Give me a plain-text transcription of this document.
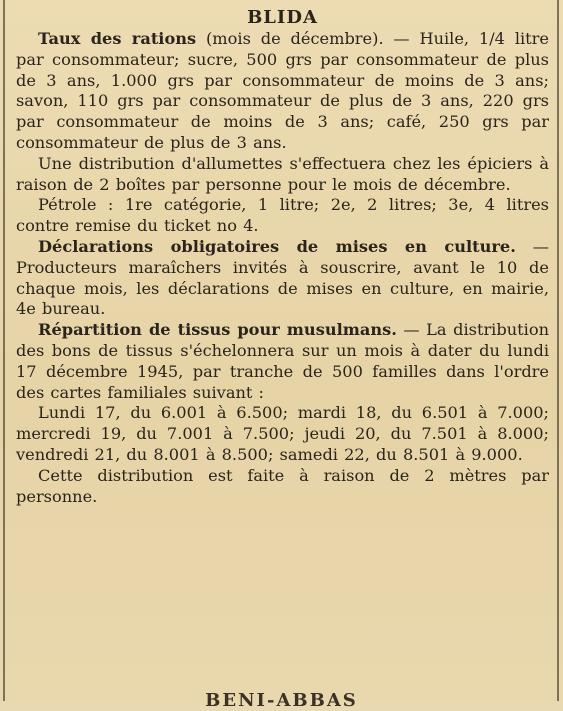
BLIDA

Taux des rations (mois de décembre). — Huile, 1/4 litre par consommateur; sucre, 500 grs par consommateur de plus de 3 ans, 1.000 grs par consommateur de moins de 3 ans; savon, 110 grs par consommateur de plus de 3 ans, 220 grs par consommateur de moins de 3 ans; café, 250 grs par consommateur de plus de 3 ans.

Une distribution d'allumettes s'effectuera chez les épiciers à raison de 2 boîtes par personne pour le mois de décembre.

Pétrole : 1re catégorie, 1 litre; 2e, 2 litres; 3e, 4 litres contre remise du ticket no 4.

Déclarations obligatoires de mises en culture. — Producteurs maraîchers invités à souscrire, avant le 10 de chaque mois, les déclarations de mises en culture, en mairie, 4e bureau.

Répartition de tissus pour musulmans. — La distribution des bons de tissus s'échelonnera sur un mois à dater du lundi 17 décembre 1945, par tranche de 500 familles dans l'ordre des cartes familiales suivant :

Lundi 17, du 6.001 à 6.500; mardi 18, du 6.501 à 7.000; mercredi 19, du 7.001 à 7.500; jeudi 20, du 7.501 à 8.000; vendredi 21, du 8.001 à 8.500; samedi 22, du 8.501 à 9.000.

Cette distribution est faite à raison de 2 mètres par personne.

BENI-ABBAS
